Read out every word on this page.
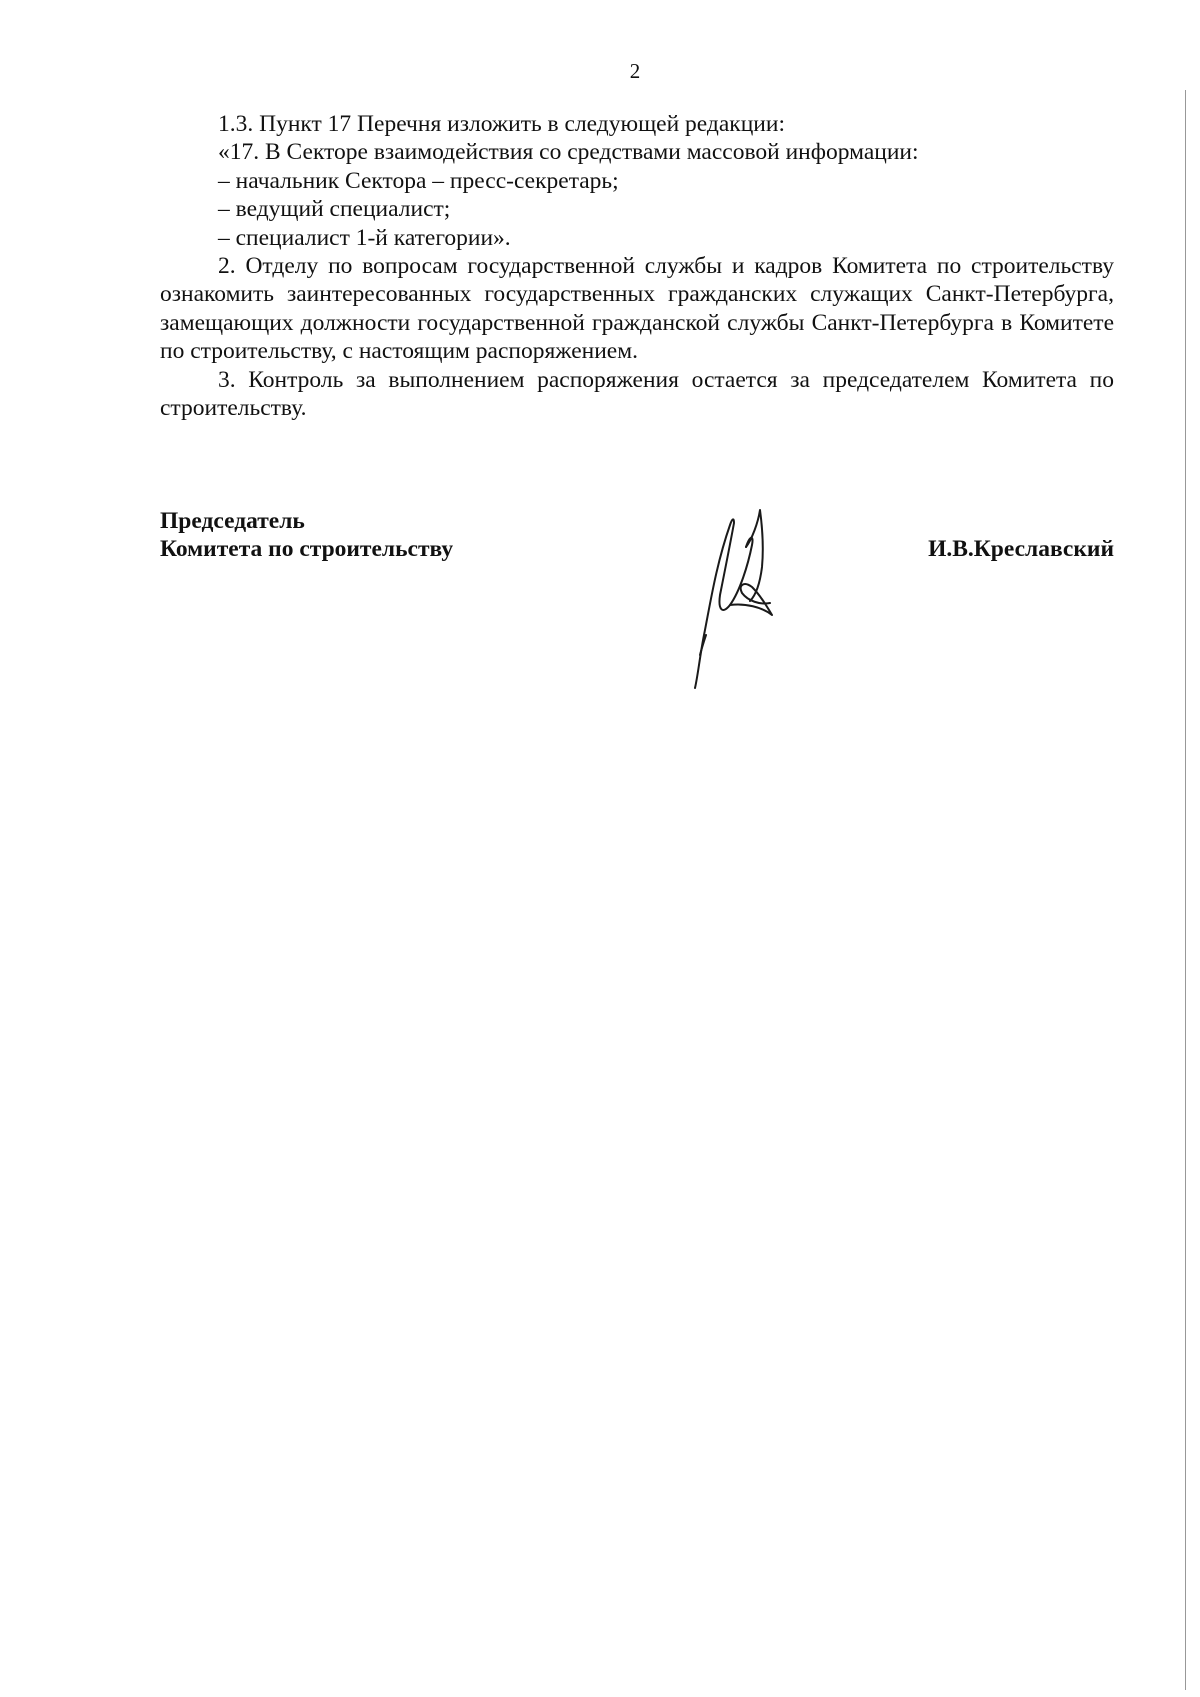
2

1.3. Пункт 17 Перечня изложить в следующей редакции:

«17. В Секторе взаимодействия со средствами массовой информации:

– начальник Сектора – пресс-секретарь;

– ведущий специалист;

– специалист 1-й категории».

2. Отделу по вопросам государственной службы и кадров Комитета по строительству ознакомить заинтересованных государственных гражданских служащих Санкт-Петербурга, замещающих должности государственной гражданской службы Санкт-Петербурга в Комитете по строительству, с настоящим распоряжением.

3. Контроль за выполнением распоряжения остается за председателем Комитета по строительству.

Председатель
Комитета по строительству	И.В.Креславский
